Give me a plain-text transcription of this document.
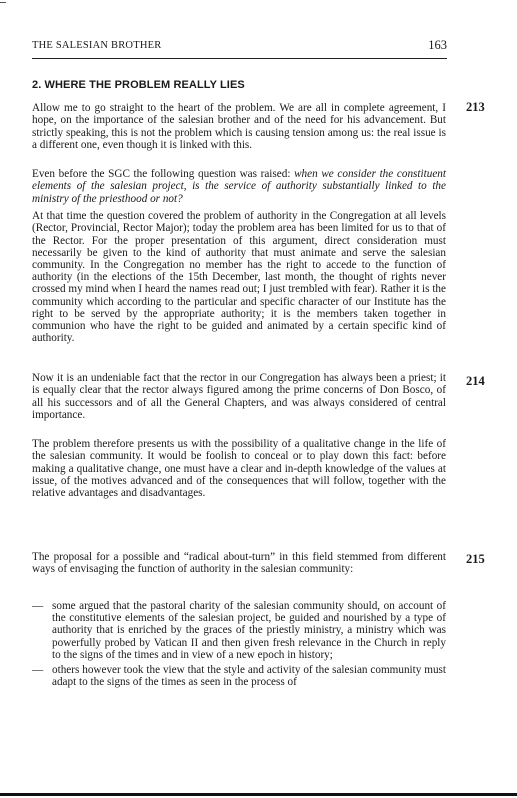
THE SALESIAN BROTHER	163
2. WHERE THE PROBLEM REALLY LIES

Allow me to go straight to the heart of the problem. We are all in complete agreement, I hope, on the importance of the salesian brother and of the need for his advancement. But strictly speaking, this is not the problem which is causing tension among us: the real issue is a different one, even though it is linked with this.

213

Even before the SGC the following question was raised: when we consider the constituent elements of the salesian project, is the service of authority substantially linked to the ministry of the priesthood or not?

At that time the question covered the problem of authority in the Congregation at all levels (Rector, Provincial, Rector Major); today the problem area has been limited for us to that of the Rector. For the proper presentation of this argument, direct consideration must necessarily be given to the kind of authority that must animate and serve the salesian community. In the Congregation no member has the right to accede to the function of authority (in the elections of the 15th December, last month, the thought of rights never crossed my mind when I heard the names read out; I just trembled with fear). Rather it is the community which according to the particular and specific character of our Institute has the right to be served by the appropriate authority; it is the members taken together in communion who have the right to be guided and animated by a certain specific kind of authority.

Now it is an undeniable fact that the rector in our Congregation has always been a priest; it is equally clear that the rector always figured among the prime concerns of Don Bosco, of all his successors and of all the General Chapters, and was always considered of central importance.

214

The problem therefore presents us with the possibility of a qualitative change in the life of the salesian community. It would be foolish to conceal or to play down this fact: before making a qualitative change, one must have a clear and in-depth knowledge of the values at issue, of the motives advanced and of the consequences that will follow, together with the relative advantages and disadvantages.

The proposal for a possible and “radical about-turn” in this field stemmed from different ways of envisaging the function of authority in the salesian community:

215
— some argued that the pastoral charity of the salesian community should, on account of the constitutive elements of the salesian project, be guided and nourished by a type of authority that is enriched by the graces of the priestly ministry, a ministry which was powerfully probed by Vatican II and then given fresh relevance in the Church in reply to the signs of the times and in view of a new epoch in history;
— others however took the view that the style and activity of the salesian community must adapt to the signs of the times as seen in the process of
